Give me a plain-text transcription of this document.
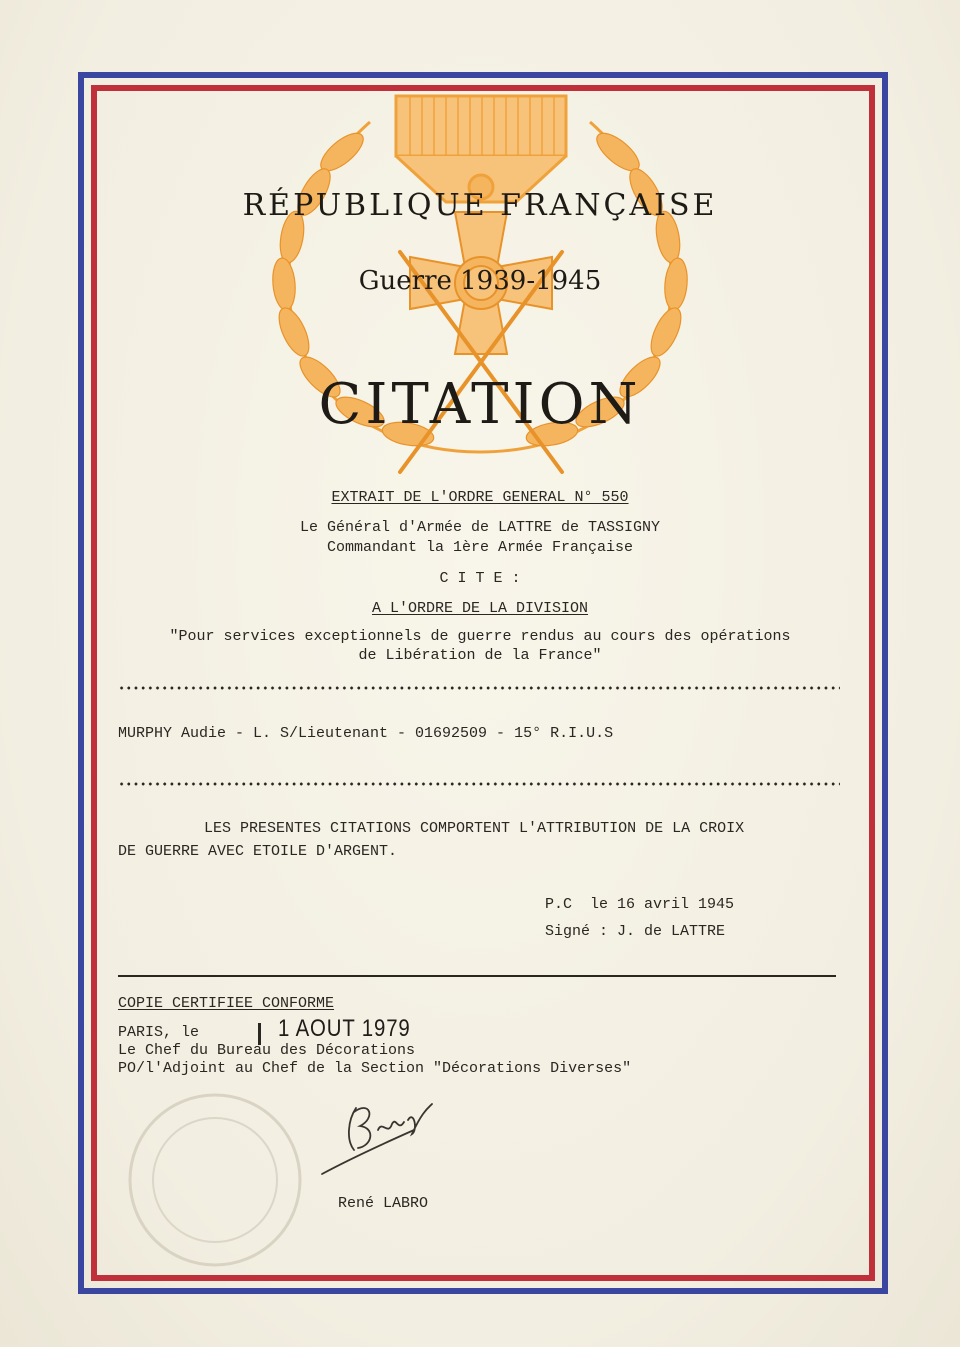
RÉPUBLIQUE FRANÇAISE
Guerre 1939-1945
CITATION
EXTRAIT DE L'ORDRE GENERAL N° 550
Le Général d'Armée de LATTRE de TASSIGNY
Commandant la 1ère Armée Française
C I T E :
A L'ORDRE DE LA DIVISION
"Pour services exceptionnels de guerre rendus au cours des opérations
de Libération de la France"
MURPHY Audie - L. S/Lieutenant - 01692509 - 15° R.I.U.S
LES PRESENTES CITATIONS COMPORTENT L'ATTRIBUTION DE LA CROIX
DE GUERRE AVEC ETOILE D'ARGENT.
P.C  le 16 avril 1945
Signé : J. de LATTRE
COPIE CERTIFIEE CONFORME
PARIS, le	1 AOUT 1979
Le Chef du Bureau des Décorations
PO/l'Adjoint au Chef de la Section "Décorations Diverses"
René LABRO
